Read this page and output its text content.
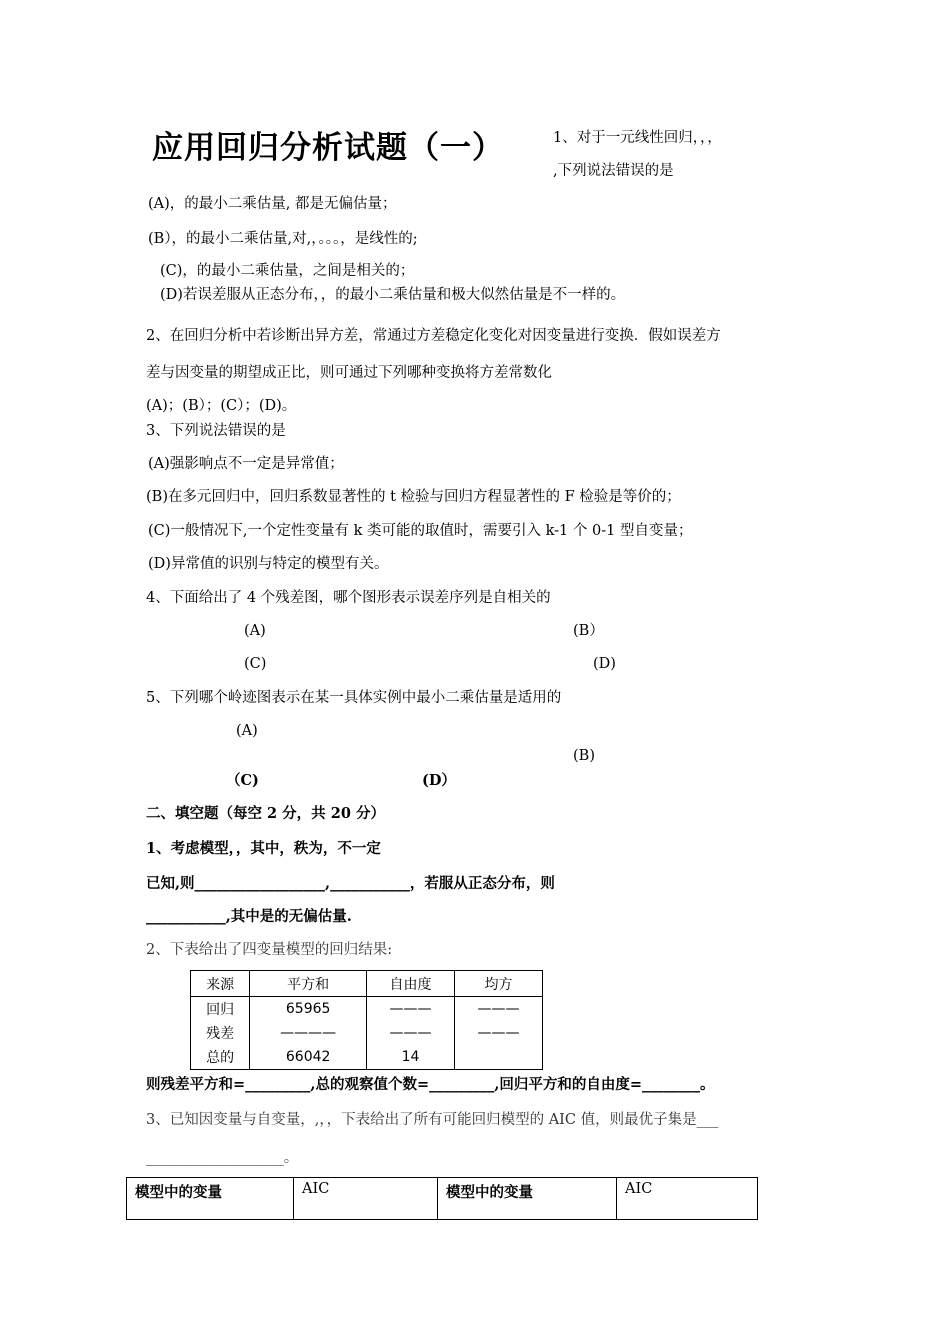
应用回归分析试题（一）	1、对于一元线性回归，，，
,下列说法错误的是
(A)，的最小二乘估量, 都是无偏估量；
(B），的最小二乘估量,对,，。。。，是线性的;
(C)，的最小二乘估量，之间是相关的；
(D)若误差服从正态分布，，的最小二乘估量和极大似然估量是不一样的。
2、在回归分析中若诊断出异方差，常通过方差稳定化变化对因变量进行变换．假如误差方
差与因变量的期望成正比，则可通过下列哪种变换将方差常数化
(A)；(B）；(C）；(D)。
3、下列说法错误的是
(A)强影响点不一定是异常值；
(B)在多元回归中，回归系数显著性的 t 检验与回归方程显著性的 F 检验是等价的；
(C)一般情况下,一个定性变量有 k 类可能的取值时，需要引入 k-1 个 0-1 型自变量；
(D)异常值的识别与特定的模型有关。
4、下面给出了 4 个残差图，哪个图形表示误差序列是自相关的
(A)	(B）
(C)	(D)
5、下列哪个岭迹图表示在某一具体实例中最小二乘估量是适用的
(A)
(B)
（C)	(D）
二、填空题（每空 2 分，共 20 分）
1、考虑模型，，其中，秩为，不一定
已知,则__________________,___________，若服从正态分布，则
___________,其中是的无偏估量.
2、下表给出了四变量模型的回归结果:
来源	平方和	自由度	均方
回归	65965	———	———
残差	————	———	———
总的	66042	14	
则残差平方和=_________,总的观察值个数=_________,回归平方和的自由度=________。
3、已知因变量与自变量，,，，下表给出了所有可能回归模型的 AIC 值，则最优子集是___
___________________。
模型中的变量	AIC	模型中的变量	AIC
